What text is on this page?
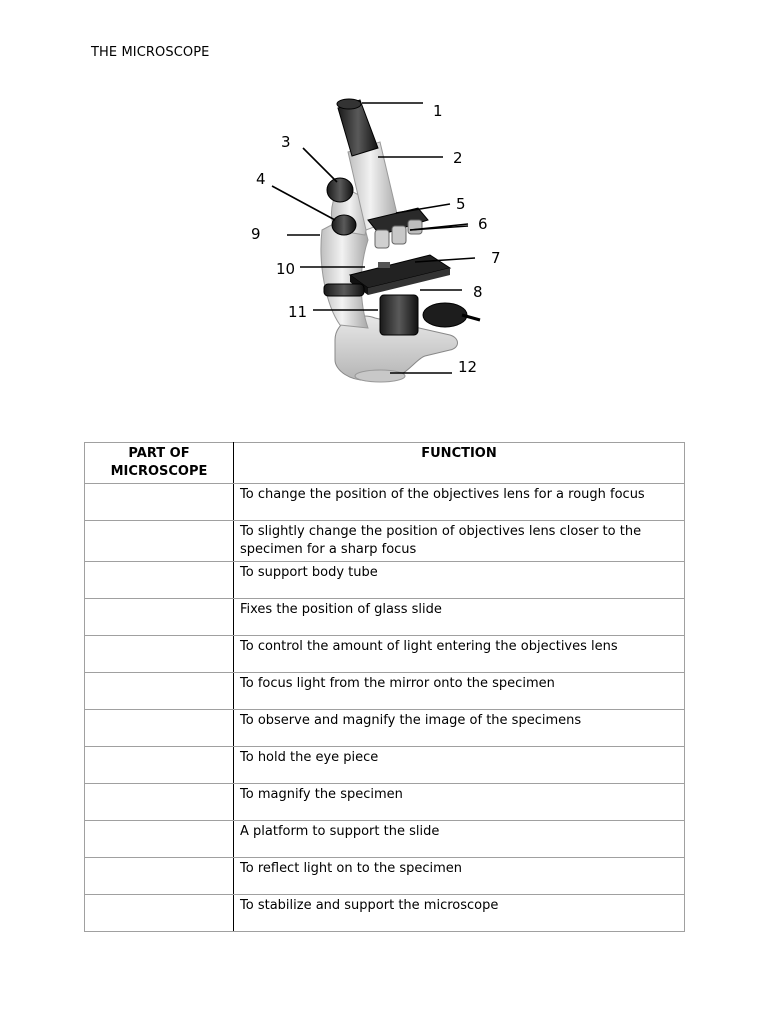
THE MICROSCOPE
1
2
3
4
5
6
9
10
7
8
11
12
PART OF MICROSCOPE	FUNCTION
	To change the position of the objectives lens for a rough focus
	To slightly change the position of objectives lens closer to the specimen for a sharp focus
	To support body tube
	Fixes the position of glass slide
	To control the amount of light entering the objectives lens
	To focus light from the mirror onto the specimen
	To observe and magnify the image of the specimens
	To hold the eye piece
	To magnify the specimen
	A platform to support the slide
	To reflect light on to the specimen
	To stabilize and support the microscope
